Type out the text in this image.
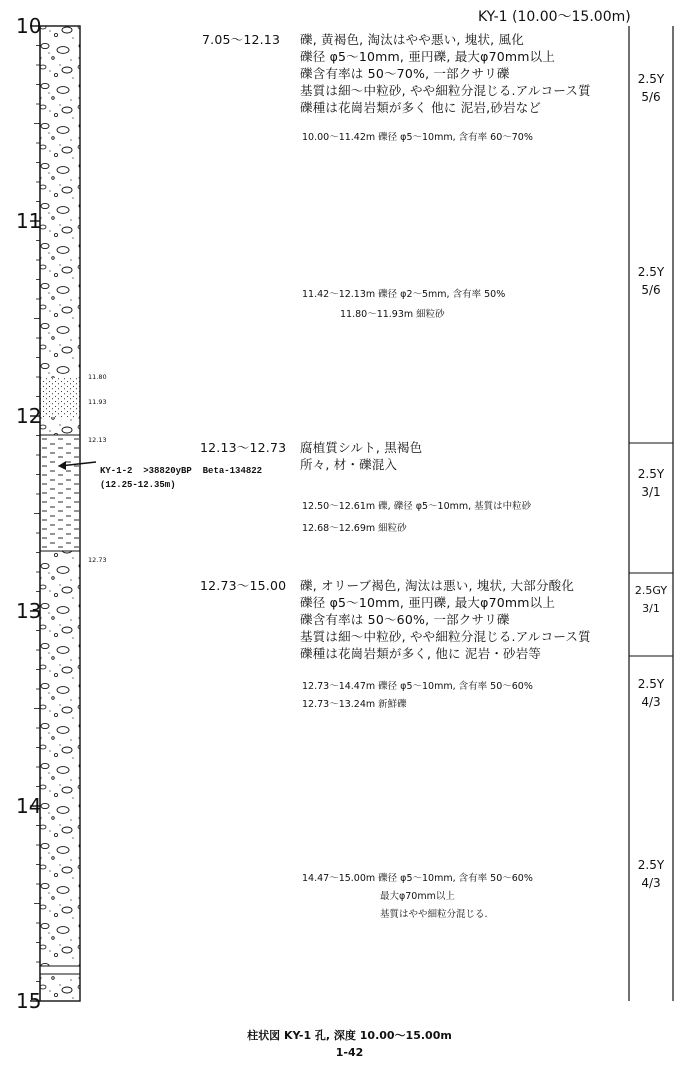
KY-1 (10.00〜15.00m)
10
11
12
13
14
15
11.80
11.93
12.13
12.73
KY-1-2 >38820yBP Beta-134822
(12.25-12.35m)
7.05〜12.13 礫, 黄褐色, 淘汰はやや悪い, 塊状, 風化
礫径 φ5〜10mm, 亜円礫, 最大φ70mm以上
礫含有率は 50〜70%, 一部クサリ礫
基質は細〜中粒砂, やや細粒分混じる.アルコース質
礫種は花崗岩類が多く 他に 泥岩,砂岩など
10.00〜11.42m 礫径 φ5〜10mm, 含有率 60〜70%
11.42〜12.13m 礫径 φ2〜5mm, 含有率 50%
11.80〜11.93m 細粒砂
12.13〜12.73 腐植質シルト, 黒褐色
所々, 材・礫混入
12.50〜12.61m 礫, 礫径 φ5〜10mm, 基質は中粒砂
12.68〜12.69m 細粒砂
12.73〜15.00 礫, オリーブ褐色, 淘汰は悪い, 塊状, 大部分酸化
礫径 φ5〜10mm, 亜円礫, 最大φ70mm以上
礫含有率は 50〜60%, 一部クサリ礫
基質は細〜中粒砂, やや細粒分混じる.アルコース質
礫種は花崗岩類が多く, 他に 泥岩・砂岩等
12.73〜14.47m 礫径 φ5〜10mm, 含有率 50〜60%
12.73〜13.24m 新鮮礫
14.47〜15.00m 礫径 φ5〜10mm, 含有率 50〜60%
最大φ70mm以上
基質はやや細粒分混じる.
2.5Y
5/6
2.5Y
5/6
2.5Y
3/1
2.5GY
3/1
2.5Y
4/3
2.5Y
4/3
柱状図 KY-1 孔, 深度 10.00〜15.00m
1-42
